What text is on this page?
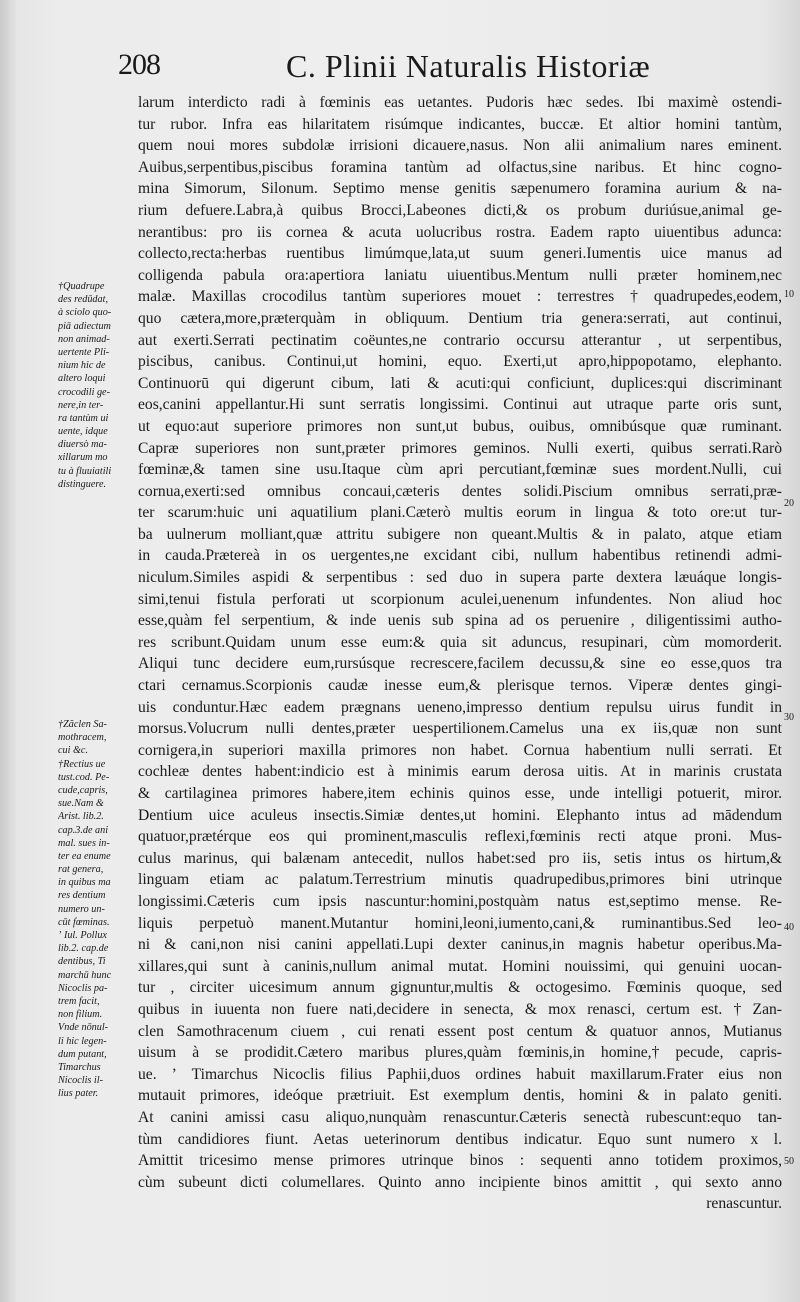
208	C. Plinii Naturalis Historiæ
larum interdicto radi à fœminis eas uetantes. Pudoris hæc sedes. Ibi maximè ostendi-
tur rubor. Infra eas hilaritatem risúmque indicantes, buccæ. Et altior homini tantùm,
quem noui mores subdolæ irrisioni dicauere,nasus. Non alii animalium nares eminent.
Auibus,serpentibus,piscibus foramina tantùm ad olfactus,sine naribus. Et hinc cogno-
mina Simorum, Silonum. Septimo mense genitis sæpenumero foramina aurium & na-
rium defuere.Labra,à quibus Brocci,Labeones dicti,& os probum duriúsue,animal ge-
nerantibus: pro iis cornea & acuta uolucribus rostra. Eadem rapto uiuentibus adunca:
collecto,recta:herbas ruentibus limúmque,lata,ut suum generi.Iumentis uice manus ad
colligenda pabula ora:apertiora laniatu uiuentibus.Mentum nulli præter hominem,nec
malæ. Maxillas crocodilus tantùm superiores mouet : terrestres † quadrupedes,eodem,
quo cætera,more,præterquàm in obliquum. Dentium tria genera:serrati, aut continui,
aut exerti.Serrati pectinatim coëuntes,ne contrario occursu atterantur , ut serpentibus,
piscibus, canibus. Continui,ut homini, equo. Exerti,ut apro,hippopotamo, elephanto.
Continuorū qui digerunt cibum, lati & acuti:qui conficiunt, duplices:qui discriminant
eos,canini appellantur.Hi sunt serratis longissimi. Continui aut utraque parte oris sunt,
ut equo:aut superiore primores non sunt,ut bubus, ouibus, omnibúsque quæ ruminant.
Capræ superiores non sunt,præter primores geminos. Nulli exerti, quibus serrati.Rarò
fœminæ,& tamen sine usu.Itaque cùm apri percutiant,fœminæ sues mordent.Nulli, cui
cornua,exerti:sed omnibus concaui,cæteris dentes solidi.Piscium omnibus serrati,præ-
ter scarum:huic uni aquatilium plani.Cæterò multis eorum in lingua & toto ore:ut tur-
ba uulnerum molliant,quæ attritu subigere non queant.Multis & in palato, atque etiam
in cauda.Prætereà in os uergentes,ne excidant cibi, nullum habentibus retinendi admi-
niculum.Similes aspidi & serpentibus : sed duo in supera parte dextera læuáque longis-
simi,tenui fistula perforati ut scorpionum aculei,uenenum infundentes. Non aliud hoc
esse,quàm fel serpentium, & inde uenis sub spina ad os peruenire , diligentissimi autho-
res scribunt.Quidam unum esse eum:& quia sit aduncus, resupinari, cùm momorderit.
Aliqui tunc decidere eum,rursúsque recrescere,facilem decussu,& sine eo esse,quos tra
ctari cernamus.Scorpionis caudæ inesse eum,& plerisque ternos. Viperæ dentes gingi-
uis conduntur.Hæc eadem prægnans ueneno,impresso dentium repulsu uirus fundit in
morsus.Volucrum nulli dentes,præter uespertilionem.Camelus una ex iis,quæ non sunt
cornigera,in superiori maxilla primores non habet. Cornua habentium nulli serrati. Et
cochleæ dentes habent:indicio est à minimis earum derosa uitis. At in marinis crustata
& cartilaginea primores habere,item echinis quinos esse, unde intelligi potuerit, miror.
Dentium uice aculeus insectis.Simiæ dentes,ut homini. Elephanto intus ad mādendum
quatuor,prætérque eos qui prominent,masculis reflexi,fœminis recti atque proni. Mus-
culus marinus, qui balænam antecedit, nullos habet:sed pro iis, setis intus os hirtum,&
linguam etiam ac palatum.Terrestrium minutis quadrupedibus,primores bini utrinque
longissimi.Cæteris cum ipsis nascuntur:homini,postquàm natus est,septimo mense. Re-
liquis perpetuò manent.Mutantur homini,leoni,iumento,cani,& ruminantibus.Sed leo-
ni & cani,non nisi canini appellati.Lupi dexter caninus,in magnis habetur operibus.Ma-
xillares,qui sunt à caninis,nullum animal mutat. Homini nouissimi, qui genuini uocan-
tur , circiter uicesimum annum gignuntur,multis & octogesimo. Fœminis quoque, sed
quibus in iuuenta non fuere nati,decidere in senecta, & mox renasci, certum est. † Zan-
clen Samothracenum ciuem , cui renati essent post centum & quatuor annos, Mutianus
uisum à se prodidit.Cætero maribus plures,quàm fœminis,in homine,† pecude, capris-
ue. ʼ Timarchus Nicoclis filius Paphii,duos ordines habuit maxillarum.Frater eius non
mutauit primores, ideóque prætriuit. Est exemplum dentis, homini & in palato geniti.
At canini amissi casu aliquo,nunquàm renascuntur.Cæteris senectà rubescunt:equo tan-
tùm candidiores fiunt. Aetas ueterinorum dentibus indicatur. Equo sunt numero x l.
Amittit tricesimo mense primores utrinque binos : sequenti anno totidem proximos,
cùm subeunt dicti columellares. Quinto anno incipiente binos amittit , qui sexto anno
renascuntur.
†Quadrupe
des redūdat,
à sciolo quo-
piā adiectum
non animad-
uertente Pli-
nium hic de
altero loqui
crocodili ge-
nere,in ter-
ra tantùm ui
uente, idque
diuersò ma-
xillarum mo
tu à fluuiatili
distinguere.
†Zăclen Sa-
mothracem,
cui &c.
†Rectius ue
tust.cod. Pe-
cude,capris,
sue.Nam &
Arist. lib.2.
cap.3.de ani
mal. sues in-
ter ea enume
rat genera,
in quibus ma
res dentium
numero un-
cūt fœminas.
ʼ Iul. Pollux
lib.2. cap.de
dentibus, Ti
marchū hunc
Nicoclis pa-
trem facit,
non filium.
Vnde nōnul-
li hic legen-
dum putant,
Timarchus
Nicoclis il-
lius pater.
10
20
30
40
50
